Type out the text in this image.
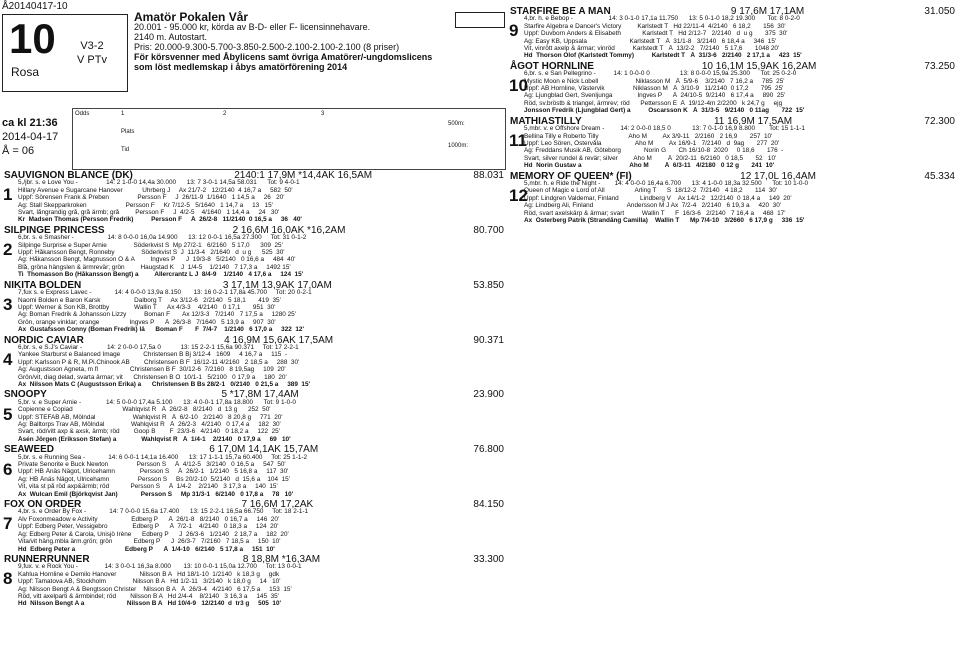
Å20140417-10
10
Rosa
V3-2
V PTv
Amatör Pokalen Vår
20.001 - 95.000 kr, körda av B-D- eller F- licensinnehavare.
2140 m. Autostart.
Pris: 20.000-9.300-5.700-3.850-2.500-2.100-2.100-2.100 (8 priser)
För körsvenner med Åbylicens samt övriga Amatörer/-ungdomslicens
som löst medlemskap i åbys amatörförening 2014
ca kl 21:36
2014-04-17
Å = 06
Odds	1	2	3
Plats
Tid
500m:
1000m:
SAUVIGNON BLANCE (DK)	2140:1 17,9M *14,4AK 16,5AM	88.031
1
5,/jbr. s. e Love You -                14: 2 1-0-0 14,4a 30.000      13: 7 3-0-1 14,5a 58.031      Tot: 9 4-0-1
Hillary Avenue e Sugarcane Hanover           Uhrberg J     Ax 21/7-2   12/2140  4 16,7 a     582  50'
Uppf: Sörensen Frank & Preben                Persson F     J  26/11-9  1/1640   1 14,5 a     26   20'
Äg: Stall Skepparkroken                      Persson F     Kr 7/12-5   5/1640   1 14,7 a     13   15'
Svart, långrandig grå, grå ärmb; grå         Persson F     J  4/2-5    4/1640   1 14,4 a     24   30'
Kr  Madsen Thomas (Persson Fredrik)          Persson F     Å  26/2-8   11/2140  0 16,5 a     36   40'
SILPINGE PRINCESS	2 16,6M 16,0AK *16,2AM	80.700
2
6,br. s. e Smasher -                   14: 8 0-0-0 16,0a 14.900      13: 12 0-0-1 16,5a 27.300     Tot: 31 0-1-2
Silpinge Surprise e Super Arnie               Söderkvist S  Mp 27/2-1   6/2160   5 17,0      309  25'
Uppf: Håkansson Bengt, Ronneby               Söderkvist S  J  11/3-4   2/1640   d  u g      525  30'
Äg: Håkansson Bengt, Magnusson Ö & A         Ingves P      J  19/3-8   5/2140   0 16,6 a     484  40'
Blå, gröna hängslen & ärmrevär; grön         Haugstad K    J  1/4-5    1/2140   7 17,3 a     1492 15'
Ti  Thomasson Bo (Håkansson Bengt) a         Allercrantz L J  8/4-9    1/2140   4 17,6 a     124  15'
NIKITA BOLDEN	3 17,1M 13,9AK 17,0AM	53.850
3
7,fux s. e Express Lavec -             14: 4 0-0-0 13,9a 8.150       13: 16 0-2-1 17,8a 45.700     Tot: 20 0-2-1
Naomi Bolden e Baron Karsk                   Dalborg T     Ax 3/12-6   2/2140   5 18,1       419  35'
Uppf: Werner & Son KB, Brottby              Wallin T      Ax 4/3-3    4/2140   0 17,1       951  30'
Äg: Boman Fredrik & Johansson Lizzy          Boman F       Ax 12/3-3   7/2140   7 17,5 a     1280 25'
Grön, orange vinklar; orange                 Ingves P      Å  26/3-8   7/1640   5 13,9 a     907  30'
Ax  Gustafsson Conny (Boman Fredrik) lä      Boman F       F  7/4-7    1/2140   6 17,0 a     322  12'
NORDIC CAVIAR	4 16,9M 15,6AK 17,5AM	90.371
4
6,br. s. e S.J's Caviar -              14: 2 0-0-0 17,5a 0           13: 15 2-2-1 15,6a 90.371     Tot: 17 2-2-1
Yankee Starburst e Balanced Image             Christensen B Bj 3/12-4   1609     4 16,7 a     115  -
Uppf: Karlsson P & R, M.Pi.Chinook AB        Christensen B F  16/12-11 4/2160   2 18,5 a     288  30'
Äg: Augustsson Agneta, m fl                  Christensen B F  30/12-6  7/2160   8 19,5ag     109  20'
Grön/vit, diag delad, svarta ärmar; vit      Christensen B Ö  10/1-1   5/2100   0 17,9 a     180  20'
Ax  Nilsson Mats C (Augustsson Erika) a      Christensen B Bs 28/2-1   0/2140   0 21,5 a     389  15'
SNOOPY	5 *17,8M 17,4AM	23.900
5
5,br. v. e Super Arnie -              14: 5 0-0-0 17,4a 5.100      13: 4 0-0-1 17,8a 18.800      Tot: 9 1-0-0
Copienne e Copiad                            Wahlqvist R   Å  26/2-8   8/2140   d  13 g      252  50'
Uppf: STEFAB AB, Mölndal                     Wahlqvist R   Å  6/2-10   2/2140   8 20,8 g     771  20'
Äg: Balltorps Trav AB, Mölndal               Wahlqvist R   Å  26/2-3   4/2140   0 17,4 a     182  30'
Svart, röd/vitt axp & axsk, ärmb; röd        Goop B        F  23/3-6   4/2140   0 18,2 a     122  25'
Åsén Jörgen (Eriksson Stefan) a              Wahlqvist R   Å  1/4-1    2/2140   0 17,9 a     69   10'
SEAWEED	6 17,0M 14,1AK 15,7AM	76.800
6
5,br. s. e Running Sea -             14: 6 0-0-1 14,1a 16.400      13: 17 1-1-1 15,7a 60.400     Tot: 25 1-1-2
Private Senorite e Buck Newton                Persson S     Å  4/12-5   3/2140   0 16,5 a     547  50'
Uppf: HB Ånäs Nägot, Ulricehamn              Persson S     Å  26/2-1   1/2140   5 16,8 a     117  30'
Äg: HB Ånäs Nägot, Ulricehamn                Persson S     Bs 20/2-10  5/2140   d  15,6 a    104  15'
Vit, vita st på röd axp&ärmb; röd            Persson S     Å  1/4-2    2/2140   3 17,3 a     140  15'
Ax  Wulcan Emil (Björkqvist Jan)             Persson S     Mp 31/3-1   6/2140   0 17,8 a     78   10'
FOX ON ORDER	7 16,6M 17,2AK	84.150
7
4,br. s. e Order By Fox -             14: 7 0-0-0 15,6a 17.400      13: 15 2-2-1 16,5a 66.750     Tot: 18 2-1-1
Alv Foxonmeadow e Activity                   Edberg P      Å  26/1-8   8/2140   0 16,7 a     146  20'
Uppf: Edberg Peter, Vessigebro              Edberg P      Å  7/2-1    4/2140   0 18,3 a     124  20'
Äg: Edberg Peter & Carola, Unisjö Irène      Edberg P      J  26/3-6   1/2140   2 18,7 a     182  20'
Vita/vit häng.mbla ärm.grön; grön            Edberg P      J  26/3-7   7/2160   7 18,5 a     150  10'
Hd  Edberg Peter a                            Edberg P      Å  1/4-10   6/2140   5 17,8 a     151  10'
RUNNERRUNNER	8 18,8M *16,3AM	33.300
8
9,fux. v. e Rock You -               14: 3 0-0-1 16,3a 8.000       13: 10 0-0-1 15,0a 12.700     Tot: 13 0-0-1
Kahlua Hornline e Demilo Hanover             Nilsson B A   Hd 18/1-10  1/2140   k 18,3 g     gdk
Uppf: Tamatova AB, Stockholm               Nilsson B A   Hd 1/2-11   3/2140   k 18,0 g     14   10'
Äg: Nilsson Bengt A & Bengtsson Christer    Nilsson B A   Å  26/3-4   4/2140   6 17,5 a     153  15'
Röd, vitt axelparti & ärmbindel; röd        Nilsson B A   Hd 2/4-4    8/2140   3 16,3 a     145  35'
Hd  Nilsson Bengt A a                        Nilsson B A   Hd 10/4-9   12/2140  d  tr3 g     505  10'
STARFIRE BE A MAN	9 17,6M 17,1AM	31.050
9
4,br. h. e Bebop -                    14: 3 0-1-0 17,1a 11.750      13: 5 0-1-0 18,2 19.300       Tot: 8 0-2-0
Starfire Algebra e Dancer's Victory         Karlstedt T   Hd 22/11-4  4/2140   6 18,2       156  30'
Uppf: Duvborn Anders & Elisabeth            Karlstedt T   Hd 2/12-7   2/2140   d  u g       375  30'
Äg: Easy KB, Uppsala                        Karlstedt T   Å  31/1-8   3/2140   6 18,4 a     346  15'
Vit, vinrött axelp & ärmar; vinröd          Karlstedt T   Å  13/2-2   7/2140   5 17,6       1048 20'
Hd  Thorson Olof (Karlstedt Tommy)          Karlstedt T   Å  31/3-6   2/2140   2 17,1 a     423  15'
ÅGOT HORNLINE	10 16,1M 15,9AK 16,2AM	73.250
10
6,br. s. e San Pellegrino -          14: 1 0-0-0 0                 13: 8 0-0-0 15,9a 25.300      Tot: 25 0-2-0
Mystic Moon e Nick Lobell                     Niklasson M   Å  5/9-6    3/2140   7 16,2 a     785  25'
Uppf: AB Hornline, Västervik                Niklasson M   Å  3/10-9   11/2140  0 17,2       795  25'
Äg: Ljungblad Gert, Svenljunga              Ingves P      Å  24/10-5  9/2140   6 17,4 a     890  25'
Röd, sv.bröstb & triangel, ärmrev; röd      Pettersson E  Å  19/12-4m 2/2200   k 24,7 g     ejg
Jonsson Fredrik (Ljungblad Gert) a          Oscarsson K   Å  31/3-5   9/2140   0 11ag       722  15'
MATHIASTILLY	11 16,9M 17,5AM	72.300
11
5,mbr. v. e Offshore Dream -         14: 2 0-0-0 18,5 0            13: 7 0-1-0 16,9 8.800        Tot: 15 1-1-1
Bellina Tilly e Roberto Tilly                 Aho M         Ax 3/9-11   2/2160   2 16,9       257  10'
Uppf: Leo Sören, Östervåla                   Aho M         Ax 16/9-1   7/2140   d  9ag       277  20'
Äg: Freddans Musik AB, Göteborg             Norin G       Ch 16/10-8  2020     0 18,6       176  -
Svart, silver rundel & revär; silver         Aho M         Å  20/2-11  6/2160   0 18,5       52   10'
Hd  Norin Gustav a                           Aho M         Å  6/3-11   4/2180   0 12 g       241  10'
MEMORY OF QUEEN* (FI)	12 17,0L 16,4AM	45.334
12
5,mbr. h. e Ride the Night -        14: 4 0-0-0 16,4a 6.700      13: 4 1-0-0 18,3a 32.500      Tot: 10 1-0-0
Queen of Magic e Lord of All                 Arling T      S  18/12-2  7/2140   4 18,2       114  30'
Uppf: Lindgren Valdemar, Finland            Lindberg V    Ax 14/1-2   12/2140  0 18,4 a     149  20'
Äg: Lindberg Ali, Finland                   Andersson M J Ax  7/2-4   2/2140   6 19,3 a     420  30'
Röd, svart axelskärp & ärmar; svart          Wallin T      F  16/3-6   2/2140   7 16,4 a     468  17'
Ax  Österberg Patrik (Strandång Camilla)    Wallin T      Mp 7/4-10   3/2660   6 17,9 g     336  15'
